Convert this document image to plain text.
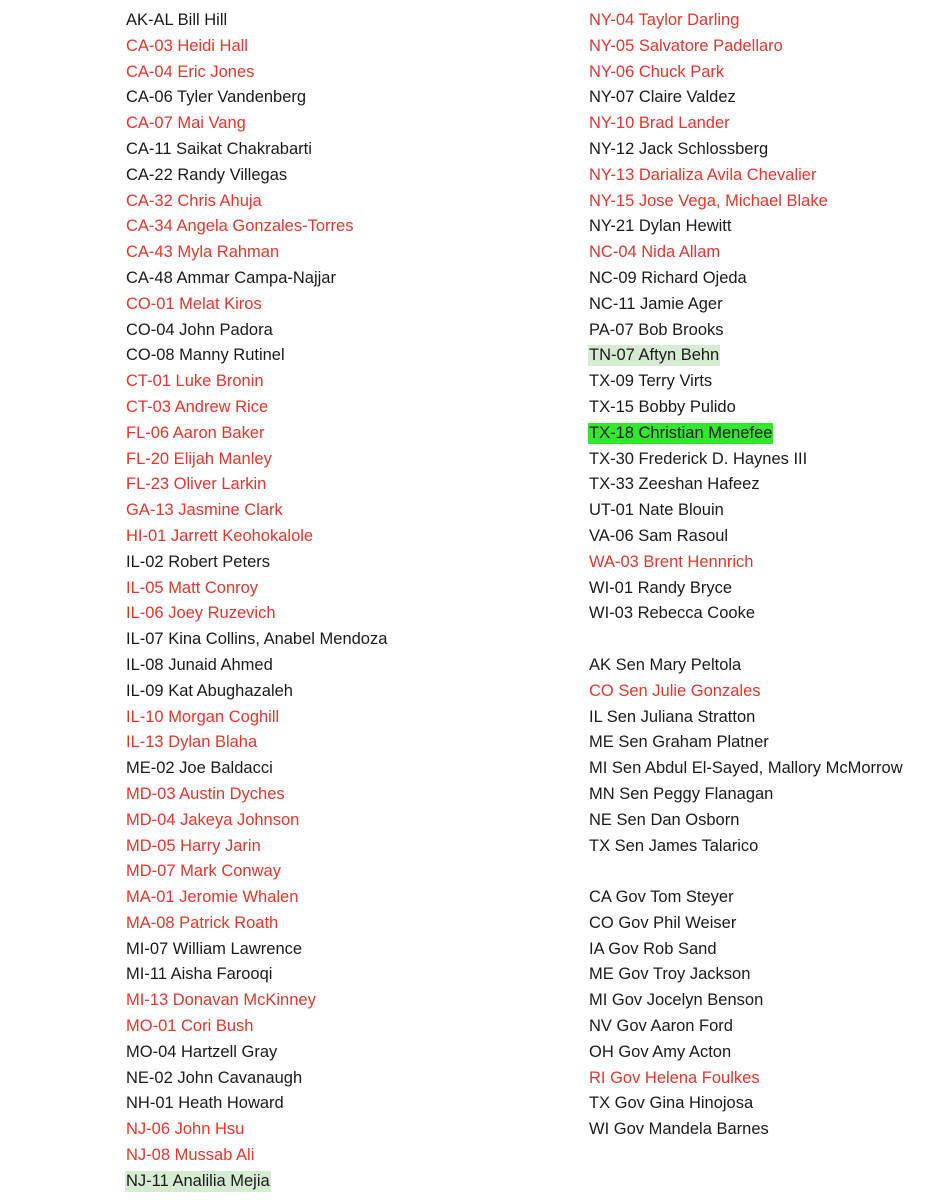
AK-AL Bill Hill
CA-03 Heidi Hall
CA-04 Eric Jones
CA-06 Tyler Vandenberg
CA-07 Mai Vang
CA-11 Saikat Chakrabarti
CA-22 Randy Villegas
CA-32 Chris Ahuja
CA-34 Angela Gonzales-Torres
CA-43 Myla Rahman
CA-48 Ammar Campa-Najjar
CO-01 Melat Kiros
CO-04 John Padora
CO-08 Manny Rutinel
CT-01 Luke Bronin
CT-03 Andrew Rice
FL-06 Aaron Baker
FL-20 Elijah Manley
FL-23 Oliver Larkin
GA-13 Jasmine Clark
HI-01 Jarrett Keohokalole
IL-02 Robert Peters
IL-05 Matt Conroy
IL-06 Joey Ruzevich
IL-07 Kina Collins, Anabel Mendoza
IL-08 Junaid Ahmed
IL-09 Kat Abughazaleh
IL-10 Morgan Coghill
IL-13 Dylan Blaha
ME-02 Joe Baldacci
MD-03 Austin Dyches
MD-04 Jakeya Johnson
MD-05 Harry Jarin
MD-07 Mark Conway
MA-01 Jeromie Whalen
MA-08 Patrick Roath
MI-07 William Lawrence
MI-11 Aisha Farooqi
MI-13 Donavan McKinney
MO-01 Cori Bush
MO-04 Hartzell Gray
NE-02 John Cavanaugh
NH-01 Heath Howard
NJ-06 John Hsu
NJ-08 Mussab Ali
NJ-11 Analilia Mejia
NY-04 Taylor Darling
NY-05 Salvatore Padellaro
NY-06 Chuck Park
NY-07 Claire Valdez
NY-10 Brad Lander
NY-12 Jack Schlossberg
NY-13 Darializa Avila Chevalier
NY-15 Jose Vega, Michael Blake
NY-21 Dylan Hewitt
NC-04 Nida Allam
NC-09 Richard Ojeda
NC-11 Jamie Ager
PA-07 Bob Brooks
TN-07 Aftyn Behn
TX-09 Terry Virts
TX-15 Bobby Pulido
TX-18 Christian Menefee
TX-30 Frederick D. Haynes III
TX-33 Zeeshan Hafeez
UT-01 Nate Blouin
VA-06 Sam Rasoul
WA-03 Brent Hennrich
WI-01 Randy Bryce
WI-03 Rebecca Cooke
AK Sen Mary Peltola
CO Sen Julie Gonzales
IL Sen Juliana Stratton
ME Sen Graham Platner
MI Sen Abdul El-Sayed, Mallory McMorrow
MN Sen Peggy Flanagan
NE Sen Dan Osborn
TX Sen James Talarico
CA Gov Tom Steyer
CO Gov Phil Weiser
IA Gov Rob Sand
ME Gov Troy Jackson
MI Gov Jocelyn Benson
NV Gov Aaron Ford
OH Gov Amy Acton
RI Gov Helena Foulkes
TX Gov Gina Hinojosa
WI Gov Mandela Barnes
